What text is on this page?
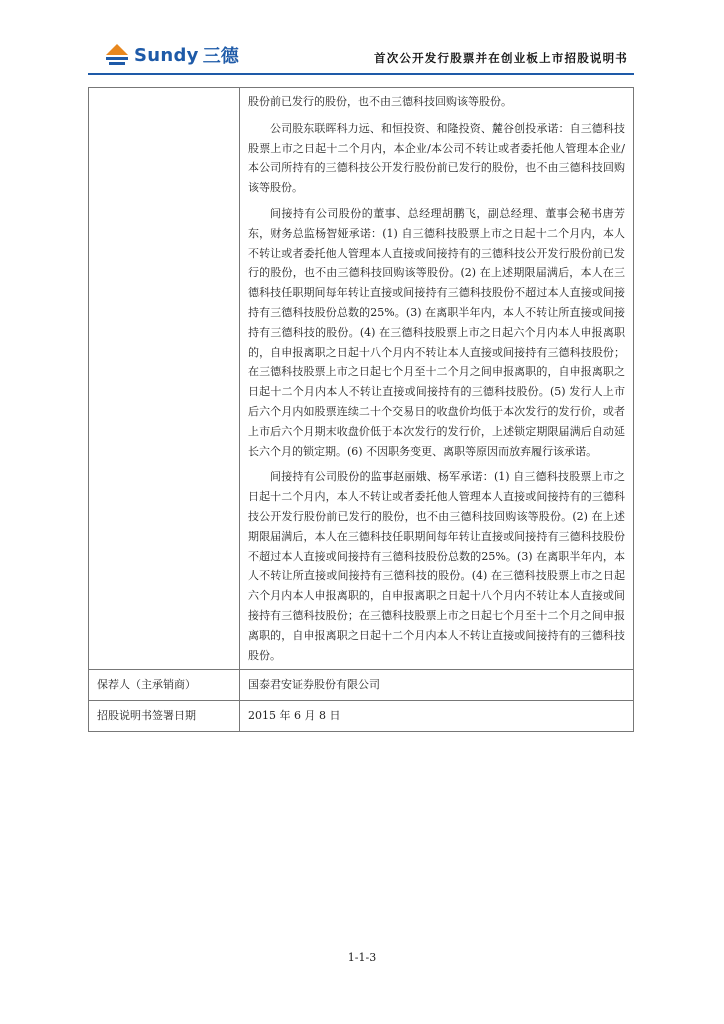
Sundy 三德	首次公开发行股票并在创业板上市招股说明书

	股份前已发行的股份，也不由三德科技回购该等股份。

公司股东联晖科力远、和恒投资、和隆投资、麓谷创投承诺：自三德科技股票上市之日起十二个月内，本企业/本公司不转让或者委托他人管理本企业/本公司所持有的三德科技公开发行股份前已发行的股份，也不由三德科技回购该等股份。

间接持有公司股份的董事、总经理胡鹏飞，副总经理、董事会秘书唐芳东，财务总监杨智娅承诺：(1) 自三德科技股票上市之日起十二个月内，本人不转让或者委托他人管理本人直接或间接持有的三德科技公开发行股份前已发行的股份，也不由三德科技回购该等股份。(2) 在上述期限届满后，本人在三德科技任职期间每年转让直接或间接持有三德科技股份不超过本人直接或间接持有三德科技股份总数的25%。(3) 在离职半年内，本人不转让所直接或间接持有三德科技的股份。(4) 在三德科技股票上市之日起六个月内本人申报离职的，自申报离职之日起十八个月内不转让本人直接或间接持有三德科技股份；在三德科技股票上市之日起七个月至十二个月之间申报离职的，自申报离职之日起十二个月内本人不转让直接或间接持有的三德科技股份。(5) 发行人上市后六个月内如股票连续二十个交易日的收盘价均低于本次发行的发行价，或者上市后六个月期末收盘价低于本次发行的发行价，上述锁定期限届满后自动延长六个月的锁定期。(6) 不因职务变更、离职等原因而放弃履行该承诺。

间接持有公司股份的监事赵丽娥、杨军承诺：(1) 自三德科技股票上市之日起十二个月内，本人不转让或者委托他人管理本人直接或间接持有的三德科技公开发行股份前已发行的股份，也不由三德科技回购该等股份。(2) 在上述期限届满后，本人在三德科技任职期间每年转让直接或间接持有三德科技股份不超过本人直接或间接持有三德科技股份总数的25%。(3) 在离职半年内，本人不转让所直接或间接持有三德科技的股份。(4) 在三德科技股票上市之日起六个月内本人申报离职的，自申报离职之日起十八个月内不转让本人直接或间接持有三德科技股份；在三德科技股票上市之日起七个月至十二个月之间申报离职的，自申报离职之日起十二个月内本人不转让直接或间接持有的三德科技股份。

保荐人（主承销商）	国泰君安证券股份有限公司
招股说明书签署日期	2015 年 6 月 8 日
1-1-3
